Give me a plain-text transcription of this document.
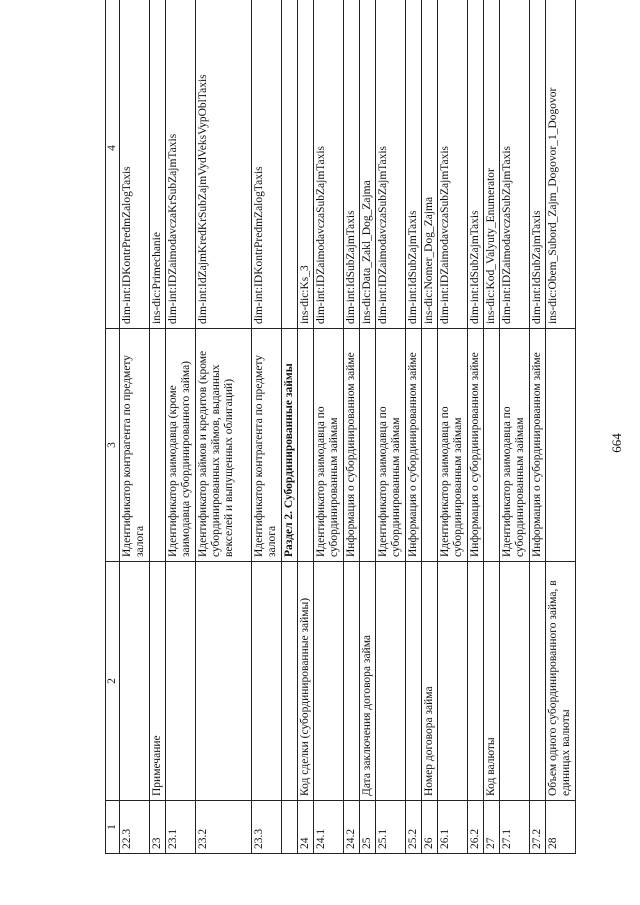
1	2	3	4
22.3		Идентификатор контрагента по предмету залога	dim-int:IDKontrPredmZalogTaxis
23	Примечание		ins-dic:Primechanie
23.1		Идентификатор заимодавца (кроме заимодавца субординированного займа)	dim-int:IDZaimodavczaKrSubZajmTaxis
23.2		Идентификатор займов и кредитов (кроме субординированных займов, выданных векселей и выпущенных облигаций)	dim-int:IdZajmKredKrSubZajmVydVeksVypOblTaxis
23.3		Идентификатор контрагента по предмету залога	dim-int:IDKontrPredmZalogTaxis
		Раздел 2. Субординированные займы	
24	Код сделки (субординированные займы)		ins-dic:Ks_3
24.1		Идентификатор заимодавца по субординированным займам	dim-int:IDZaimodavczaSubZajmTaxis
24.2		Информация о субординированном займе	dim-int:IdSubZajmTaxis
25	Дата заключения договора займа		ins-dic:Data_Zakl_Dog_Zajma
25.1		Идентификатор заимодавца по субординированным займам	dim-int:IDZaimodavczaSubZajmTaxis
25.2		Информация о субординированном займе	dim-int:IdSubZajmTaxis
26	Номер договора займа		ins-dic:Nomer_Dog_Zajma
26.1		Идентификатор заимодавца по субординированным займам	dim-int:IDZaimodavczaSubZajmTaxis
26.2		Информация о субординированном займе	dim-int:IdSubZajmTaxis
27	Код валюты		ins-dic:Kod_Valyuty_Enumerator
27.1		Идентификатор заимодавца по субординированным займам	dim-int:IDZaimodavczaSubZajmTaxis
27.2		Информация о субординированном займе	dim-int:IdSubZajmTaxis
28	Объем одного субординированного займа, в единицах валюты		ins-dic:Obem_Subord_Zajm_Dogovor_1_Dogovor
664
